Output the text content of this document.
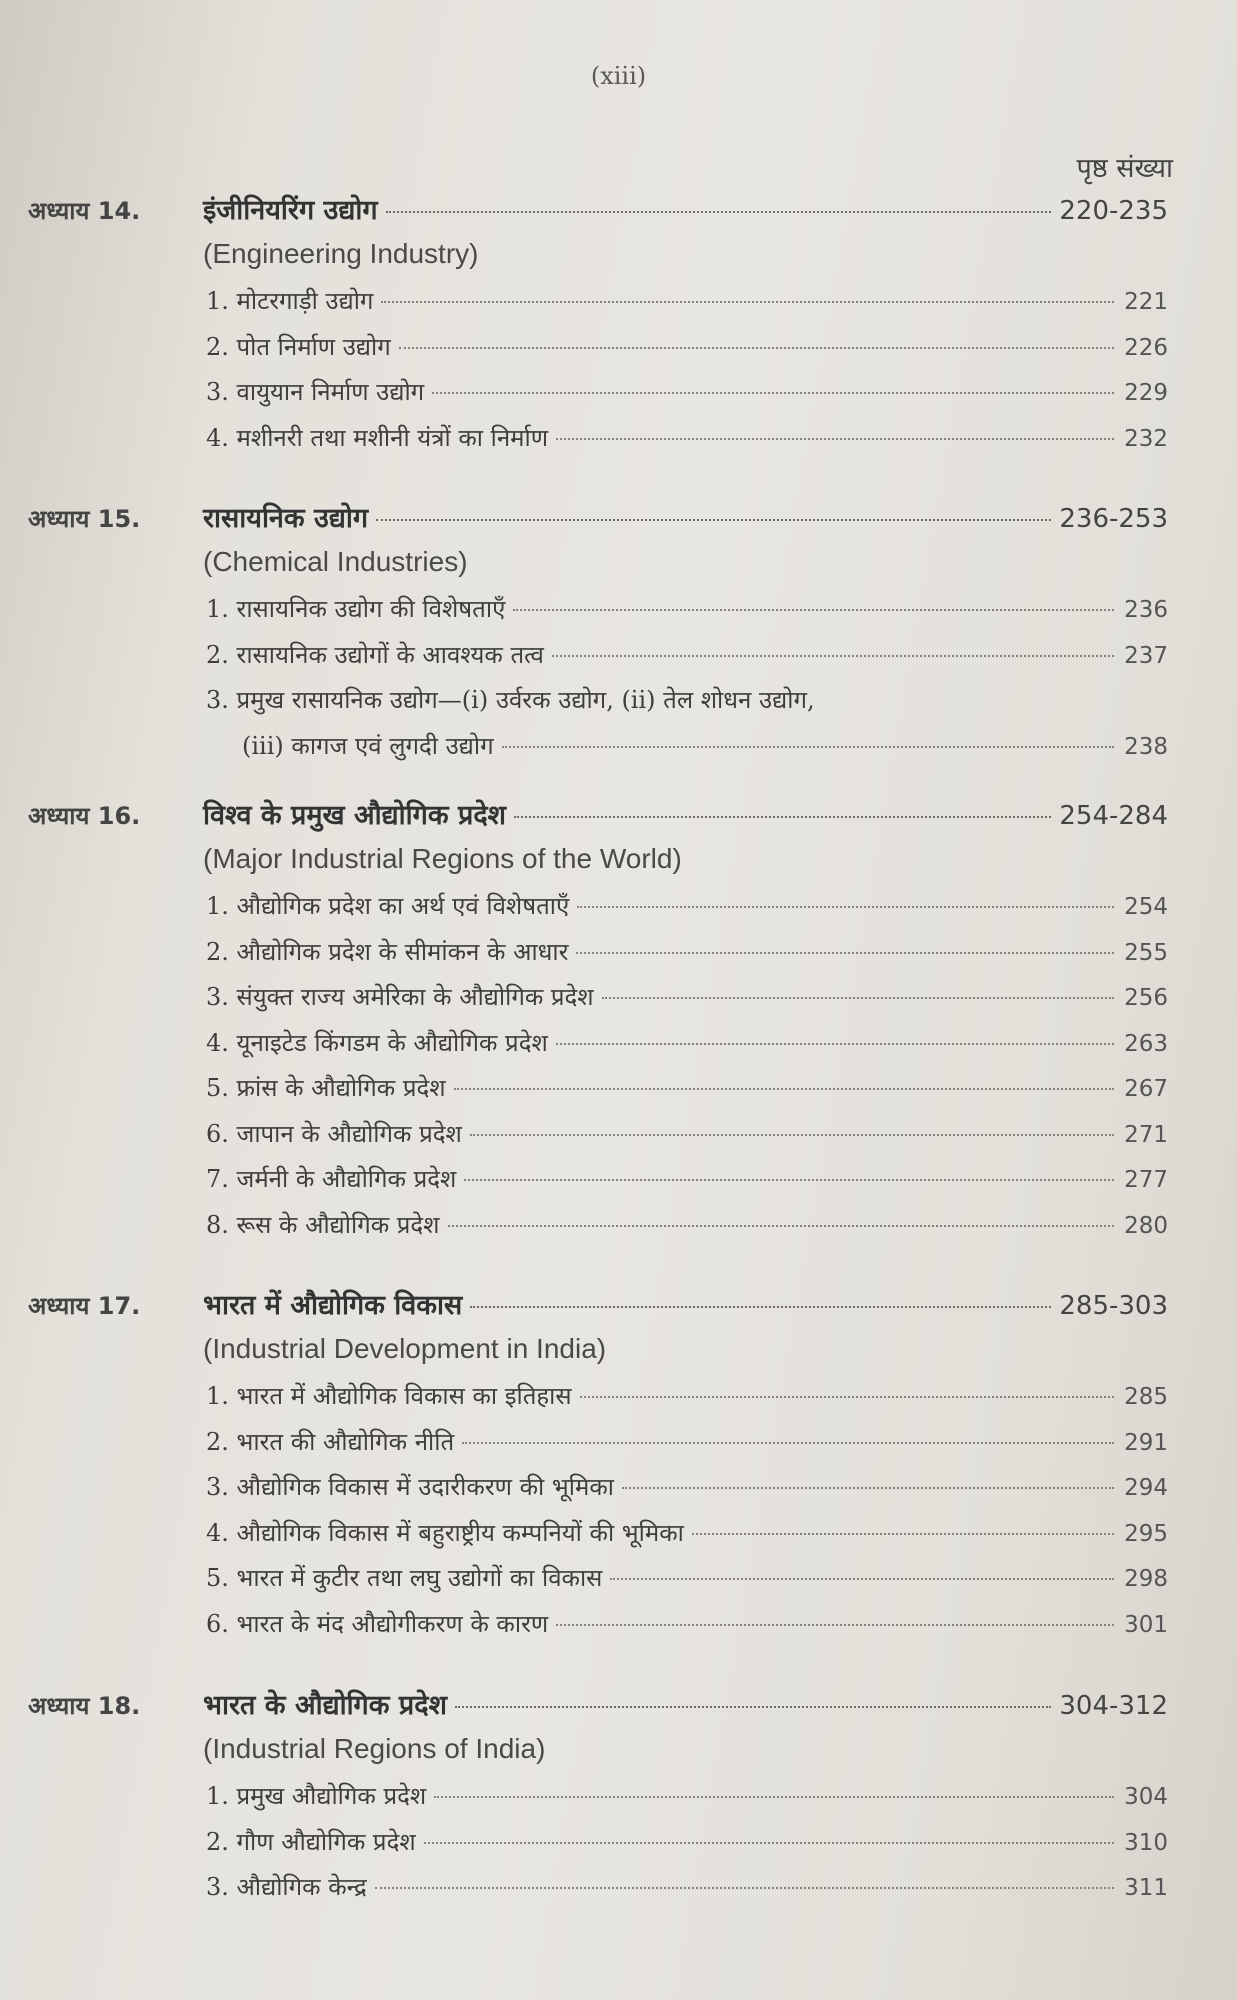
(xiii)
पृष्ठ संख्या
अध्याय 14.	इंजीनियरिंग उद्योग	220-235
(Engineering Industry)
1. मोटरगाड़ी उद्योग	221
2. पोत निर्माण उद्योग	226
3. वायुयान निर्माण उद्योग	229
4. मशीनरी तथा मशीनी यंत्रों का निर्माण	232
अध्याय 15.	रासायनिक उद्योग	236-253
(Chemical Industries)
1. रासायनिक उद्योग की विशेषताएँ	236
2. रासायनिक उद्योगों के आवश्यक तत्व	237
3. प्रमुख रासायनिक उद्योग—(i) उर्वरक उद्योग, (ii) तेल शोधन उद्योग,
(iii) कागज एवं लुगदी उद्योग	238
अध्याय 16.	विश्व के प्रमुख औद्योगिक प्रदेश	254-284
(Major Industrial Regions of the World)
1. औद्योगिक प्रदेश का अर्थ एवं विशेषताएँ	254
2. औद्योगिक प्रदेश के सीमांकन के आधार	255
3. संयुक्त राज्य अमेरिका के औद्योगिक प्रदेश	256
4. यूनाइटेड किंगडम के औद्योगिक प्रदेश	263
5. फ्रांस के औद्योगिक प्रदेश	267
6. जापान के औद्योगिक प्रदेश	271
7. जर्मनी के औद्योगिक प्रदेश	277
8. रूस के औद्योगिक प्रदेश	280
अध्याय 17.	भारत में औद्योगिक विकास	285-303
(Industrial Development in India)
1. भारत में औद्योगिक विकास का इतिहास	285
2. भारत की औद्योगिक नीति	291
3. औद्योगिक विकास में उदारीकरण की भूमिका	294
4. औद्योगिक विकास में बहुराष्ट्रीय कम्पनियों की भूमिका	295
5. भारत में कुटीर तथा लघु उद्योगों का विकास	298
6. भारत के मंद औद्योगीकरण के कारण	301
अध्याय 18.	भारत के औद्योगिक प्रदेश	304-312
(Industrial Regions of India)
1. प्रमुख औद्योगिक प्रदेश	304
2. गौण औद्योगिक प्रदेश	310
3. औद्योगिक केन्द्र	311
